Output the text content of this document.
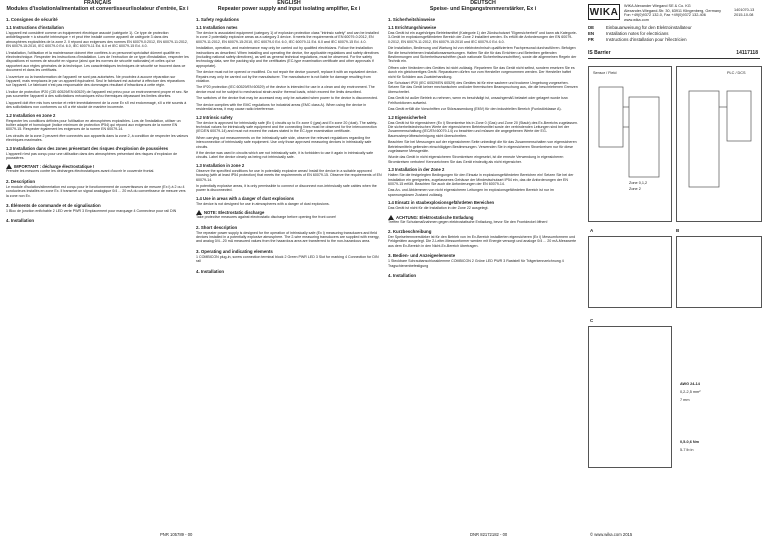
FRANÇAIS
Modules d'isolation/alimentation et convertisseur/isolateur d'entrée, Ex i
1. Consignes de sécurité
1.1 Instructions d'installation

L'appareil est considéré comme un équipement électrique associé (catégorie 1). Ce type de protection antidéflagrante « à sécurité intrinsèque » et peut être installé comme appareil de catégorie 3 dans des atmosphères explosibles de la zone 2. Il répond aux exigences des normes EN 60079-0:2012, EN 60079-11:2012, EN 60079-15:2010, IEC 60079-0 Ed. 6.0, IEC 60079-11 Ed. 6.0 et IEC 60079-15 Ed. 4.0.

L'installation, l'utilisation et la maintenance doivent être confiées à un personnel spécialisé dûment qualifié en électrotechnique. Respecter les instructions d'installation. Lors de l'exécution de ce type d'installation, respecter les dispositions et normes de sécurité en vigueur (ainsi que les normes de sécurité nationales) et celles qui se rapportent aux règles générales de la technique. Les caractéristiques techniques de sécurité se trouvent dans ce document et dans les certificats.

L'ouverture ou la transformation de l'appareil ne sont pas autorisées. Ne procédez à aucune réparation sur l'appareil, mais remplacez-le par un appareil équivalent. Seul le fabricant est autorisé à effectuer des réparations sur l'appareil. Le fabricant n'est pas responsable des dommages résultant d'infractions à cette règle.

L'indice de protection IP20 (CEI 60529/EN 60529) de l'appareil est prévu pour un environnement propre et sec. Ne pas soumettre l'appareil à des sollicitations mécaniques et/ou thermiques dépassant les limites décrites.

L'appareil doit être mis hors service et retiré immédiatement de la zone Ex s'il est endommagé, s'il a été soumis à des sollicitations non conformes ou s'il a été stocké de manière incorrecte.

1.2 Installation en zone 2

Respecter les conditions définies pour l'utilisation en atmosphères explosibles. Lors de l'installation, utiliser un boîtier adapté et homologué (indice minimum de protection IP54) qui répond aux exigences de la norme EN 60079-15. Respecter également les exigences de la norme EN 60079-14.

Les circuits de la zone 2 peuvent être connectés aux appareils dans la zone 2, à condition de respecter les valeurs électriques maximales.

1.3 Installation dans des zones présentant des risques d'explosion de poussières

L'appareil n'est pas conçu pour une utilisation dans des atmosphères présentant des risques d'explosion de poussières.

IMPORTANT : décharge électrostatique !

Prendre les mesures contre les décharges électrostatiques avant d'ouvrir le couvercle frontal.

2. Description

Le module d'isolation/alimentation est conçu pour le fonctionnement de convertisseurs de mesure (Ex i) à 2 ou 4 conducteurs installés en zone Ex. Il transmet un signal analogique 0/4 ... 20 mA du convertisseur de mesure vers la zone non Ex.

3. Éléments de commande et de signalisation

1 Bloc de jonction enfichable 2 LED verte PWR 3 Emplacement pour marquage 4 Connecteur pour rail DIN

4. Installation
ENGLISH
Repeater power supply and input isolating amplifier, Ex i
1. Safety regulations
1.1 Installation notes

The device is associated equipment (category 1) of explosion protection class "intrinsic safety" and can be installed in zone 2 potentially explosive areas as a category 3 device. It meets the requirements of EN 60079-0:2012, EN 60079-11:2012, EN 60079-15:2010, IEC 60079-0 Ed. 6.0, IEC 60079-11 Ed. 6.0 and IEC 60079-15 Ed. 4.0.

Installation, operation, and maintenance may only be carried out by qualified electricians. Follow the installation instructions as described. When installing and operating the device, the applicable regulations and safety directives (including national safety directives), as well as general technical regulations, must be observed. For the safety technology data, see the packing slip and the certificates (EC-type examination certificate and other approvals if appropriate).

The device must not be opened or modified. Do not repair the device yourself, replace it with an equivalent device. Repairs may only be carried out by the manufacturer. The manufacturer is not liable for damage resulting from violation.

The IP20 protection (IEC 60529/EN 60529) of the device is intended for use in a clean and dry environment. The device must not be subject to mechanical strain and/or thermal loads, which exceed the limits described.

The switches of the device that may be accessed may only be actuated when power to the device is disconnected.

The device complies with the EMC regulations for industrial areas (EMC class A). When using the device in residential areas, it may cause radio interference.

1.2 Intrinsic safety

The device is approved for intrinsically safe (Ex i) circuits up to Ex zone 0 (gas) and Ex zone 20 (dust). The safety-technical values for intrinsically safe equipment and the connecting lines must be observed for the interconnection (IEC/EN 60079-14) and must not exceed the values stated in the EC-type examination certificate.

When carrying out measurements on the intrinsically safe side, observe the relevant regulations regarding the interconnection of intrinsically safe equipment. Use only those approved measuring devices in intrinsically safe circuits.

If the device was used in circuits which are not intrinsically safe, it is forbidden to use it again in intrinsically safe circuits. Label the device clearly as being not intrinsically safe.

1.3 Installation in zone 2

Observe the specified conditions for use in potentially explosive areas! Install the device in a suitable approved housing (with at least IP54 protection) that meets the requirements of EN 60079-15. Observe the requirements of EN 60079-14.

In potentially explosive areas, it is only permissible to connect or disconnect non-intrinsically safe cables when the power is disconnected.

1.4 Use in areas with a danger of dust explosions

The device is not designed for use in atmospheres with a danger of dust explosions.

NOTE: Electrostatic discharge

Take protective measures against electrostatic discharge before opening the front cover!

2. Short description

The repeater power supply is designed for the operation of intrinsically safe (Ex i) measuring transducers and field devices installed in a potentially explosive atmosphere. The 2-wire measuring transducers are supplied with energy, and analog 0/4...20 mA measured values from the hazardous area are transferred to the non-hazardous area.

3. Operating and indicating elements

1 COMBICON plug-in, screw connection terminal block 2 Green PWR LED 3 Slot for marking 4 Connection for DIN rail

4. Installation
DEUTSCH
Speise- und Eingangstrennverstärker, Ex i
1. Sicherheitshinweise
1.1 Errichtungshinweise

Das Gerät ist ein zugehöriges Betriebsmittel (Kategorie 1) der Zündschutzart "Eigensicherheit" und kann als Kategorie-3-Gerät im explosionsgefährdeten Bereich der Zone 2 installiert werden. Es erfüllt die Anforderungen der EN 60079-0:2012, EN 60079-11:2012, EN 60079-15:2010 und IEC 60079-0 Ed. 6.0.

Die Installation, Bedienung und Wartung ist von elektrotechnisch qualifiziertem Fachpersonal durchzuführen. Befolgen Sie die beschriebenen Installationsanweisungen. Halten Sie die für das Errichten und Betreiben geltenden Bestimmungen und Sicherheitsvorschriften (auch nationale Sicherheitsvorschriften), sowie die allgemeinen Regeln der Technik ein.

Öffnen oder Verändern des Gerätes ist nicht zulässig. Reparieren Sie das Gerät nicht selbst, sondern ersetzen Sie es durch ein gleichwertiges Gerät. Reparaturen dürfen nur vom Hersteller vorgenommen werden. Der Hersteller haftet nicht für Schäden aus Zuwiderhandlung.

Die Schutzart IP20 (IEC 60529/EN 60529) des Gerätes ist für eine saubere und trockene Umgebung vorgesehen. Setzen Sie das Gerät keiner mechanischen und/oder thermischen Beanspruchung aus, die die beschriebenen Grenzen überschreitet.

Das Gerät ist außer Betrieb zu nehmen, wenn es beschädigt ist, unsachgemäß belastet oder gelagert wurde bzw. Fehlfunktionen aufweist.

Das Gerät erfüllt die Vorschriften zur Störaussendung (EMV) für den industriellen Bereich (Funkstörklasse A).

1.2 Eigensicherheit

Das Gerät ist für eigensichere (Ex i) Stromkreise bis in Zone 0 (Gas) und Zone 20 (Staub) des Ex-Bereichs zugelassen. Die sicherheitstechnischen Werte der eigensicheren Betriebsmittel sowie der verbindenden Leitungen sind bei der Zusammenschaltung (IEC/EN 60079-14) zu beachten und müssen die angegebenen Werte der EG-Baumusterprüfbescheinigung nicht überschreiten.

Beachten Sie bei Messungen auf der eigensicheren Seite unbedingt die für das Zusammenschalten von eigensicheren Betriebsmitteln geltenden einschlägigen Bestimmungen. Verwenden Sie in eigensicheren Stromkreisen nur für diese zugelassene Messgeräte.

Wurde das Gerät in nicht eigensicheren Stromkreisen eingesetzt, ist die erneute Verwendung in eigensicheren Stromkreisen verboten! Kennzeichnen Sie das Gerät eindeutig als nicht eigensicher.

1.3 Installation in der Zone 2

Halten Sie die festgelegten Bedingungen für den Einsatz in explosionsgefährdeten Bereichen ein! Setzen Sie bei der Installation ein geeignetes, zugelassenes Gehäuse der Mindestschutzart IP54 ein, das die Anforderungen der EN 60079-15 erfüllt. Beachten Sie auch die Anforderungen der EN 60079-14.

Das An- und Abklemmen von nicht eigensicheren Leitungen im explosionsgefährdeten Bereich ist nur im spannungslosen Zustand zulässig.

1.4 Einsatz in staubexplosionsgefährdeten Bereichen

Das Gerät ist nicht für die Installation in der Zone 22 ausgelegt.

ACHTUNG: Elektrostatische Entladung

Treffen Sie Schutzmaßnahmen gegen elektrostatische Entladung, bevor Sie den Frontdeckel öffnen!

2. Kurzbeschreibung

Der Speisetrennverstärker ist für den Betrieb von im Ex-Bereich installierten eigensicheren (Ex i) Messumformern und Feldgeräten ausgelegt. Die 2-Leiter-Messumformer werden mit Energie versorgt und analoge 0/4 ... 20 mA-Messwerte aus dem Ex-Bereich in den Nicht-Ex-Bereich übertragen.

3. Bedien- und Anzeigeelemente

1 Steckbare Schraubanschlussklemme COMBICON 2 Grüne LED PWR 3 Raststell für Trägerkennzeichnung 4 Tragschienenbefestigung

4. Installation
WIKA
WIKA Alexander Wiegand SE & Co. KG
Alexander-Wiegand-Str. 30, 63911 Klingenberg, Germany
Fon +49(0)9372 132-0, Fax +49(0)9372 132-406
www.wika.com
1401070-13
2015-10-08
DE	Einbauanweisung für den Elektroinstallateur
EN	Installation notes for electricians
FR	Instructions d'installation pour l'électricien
IS Barrier	14117118
Sensor / Field
Zone 0,1,2
Zone 2
PLC / DCS
A	B
C
AWG 24-14
0,2-2,5 mm²
7 mm
0,5-0,6 Nm
5-7 lb in
© www.wika.com 2015
PNR 105789 - 00	DNR 82172182 - 00
